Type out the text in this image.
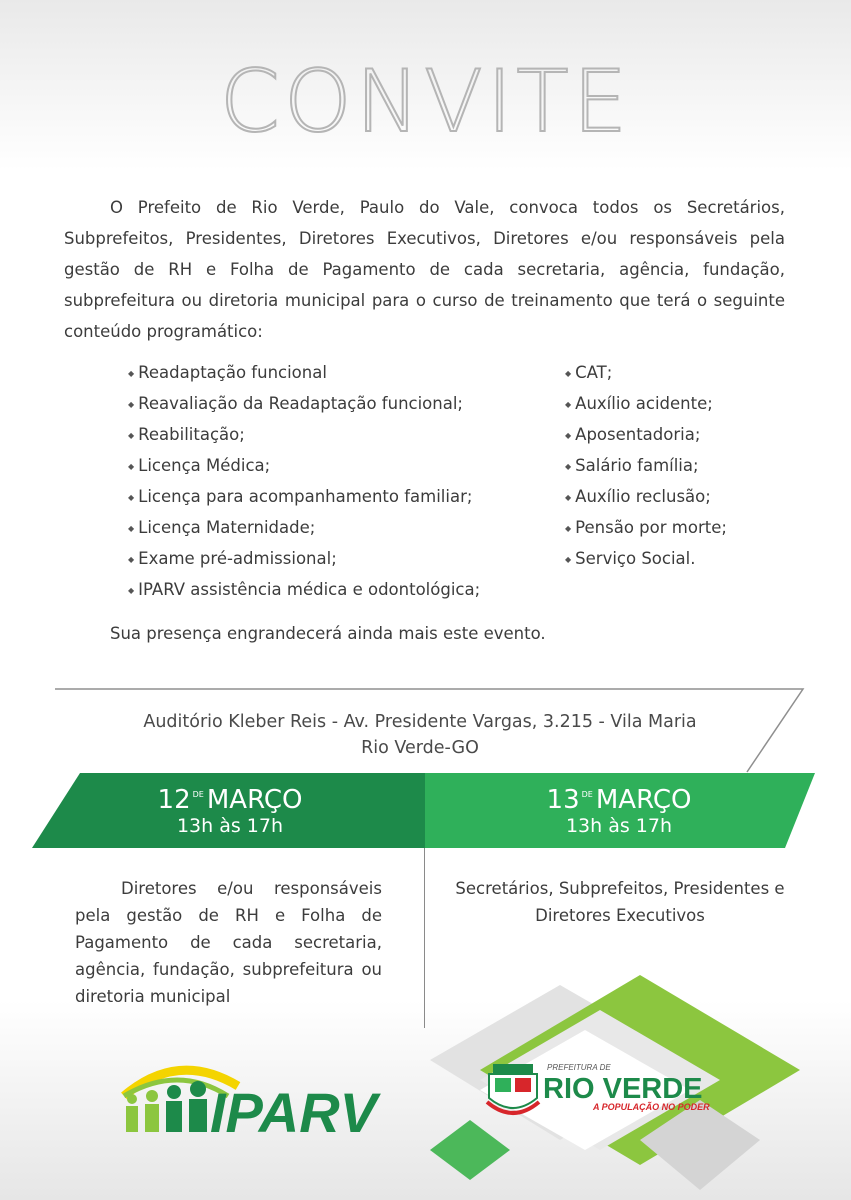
CONVITE
O Prefeito de Rio Verde, Paulo do Vale, convoca todos os Secretários, Subprefeitos, Presidentes, Diretores Executivos, Diretores e/ou responsáveis pela gestão de RH e Folha de Pagamento de cada secretaria, agência, fundação, subprefeitura ou diretoria municipal para o curso de treinamento que terá o seguinte conteúdo programático:
◆ Readaptação funcional
◆ Reavaliação da Readaptação funcional;
◆ Reabilitação;
◆ Licença Médica;
◆ Licença para acompanhamento familiar;
◆ Licença Maternidade;
◆ Exame pré-admissional;
◆ IPARV assistência médica e odontológica;
◆ CAT;
◆ Auxílio acidente;
◆ Aposentadoria;
◆ Salário família;
◆ Auxílio reclusão;
◆ Pensão por morte;
◆ Serviço Social.
Sua presença engrandecerá ainda mais este evento.
Auditório Kleber Reis - Av. Presidente Vargas, 3.215 - Vila Maria
Rio Verde-GO
12 $^{DE}$ MARÇO
13h às 17h
13 $^{DE}$ MARÇO
13h às 17h
Diretores e/ou responsáveis pela gestão de RH e Folha de Pagamento de cada secretaria, agência, fundação, subprefeitura ou diretoria municipal
Secretários, Subprefeitos, Presidentes e Diretores Executivos
IPARV
PREFEITURA DE
RIO VERDE
A POPULAÇÃO NO PODER
